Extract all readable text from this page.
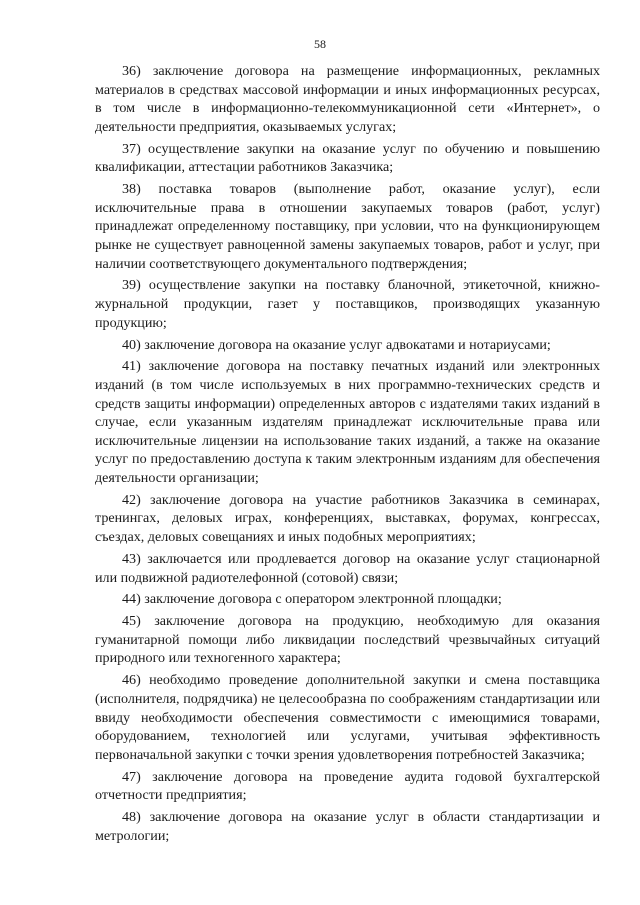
58

36) заключение договора на размещение информационных, рекламных материалов в средствах массовой информации и иных информационных ресурсах, в том числе в информационно-телекоммуникационной сети «Интернет», о деятельности предприятия, оказываемых услугах;

37) осуществление закупки на оказание услуг по обучению и повышению квалификации, аттестации работников Заказчика;

38) поставка товаров (выполнение работ, оказание услуг), если исключительные права в отношении закупаемых товаров (работ, услуг) принадлежат определенному поставщику, при условии, что на функционирующем рынке не существует равноценной замены закупаемых товаров, работ и услуг, при наличии соответствующего документального подтверждения;

39) осуществление закупки на поставку бланочной, этикеточной, книжно-журнальной продукции, газет у поставщиков, производящих указанную продукцию;

40) заключение договора на оказание услуг адвокатами и нотариусами;

41) заключение договора на поставку печатных изданий или электронных изданий (в том числе используемых в них программно-технических средств и средств защиты информации) определенных авторов с издателями таких изданий в случае, если указанным издателям принадлежат исключительные права или исключительные лицензии на использование таких изданий, а также на оказание услуг по предоставлению доступа к таким электронным изданиям для обеспечения деятельности организации;

42) заключение договора на участие работников Заказчика в семинарах, тренингах, деловых играх, конференциях, выставках, форумах, конгрессах, съездах, деловых совещаниях и иных подобных мероприятиях;

43) заключается или продлевается договор на оказание услуг стационарной или подвижной радиотелефонной (сотовой) связи;

44) заключение договора с оператором электронной площадки;

45) заключение договора на продукцию, необходимую для оказания гуманитарной помощи либо ликвидации последствий чрезвычайных ситуаций природного или техногенного характера;

46) необходимо проведение дополнительной закупки и смена поставщика (исполнителя, подрядчика) не целесообразна по соображениям стандартизации или ввиду необходимости обеспечения совместимости с имеющимися товарами, оборудованием, технологией или услугами, учитывая эффективность первоначальной закупки с точки зрения удовлетворения потребностей Заказчика;

47) заключение договора на проведение аудита годовой бухгалтерской отчетности предприятия;

48) заключение договора на оказание услуг в области стандартизации и метрологии;
